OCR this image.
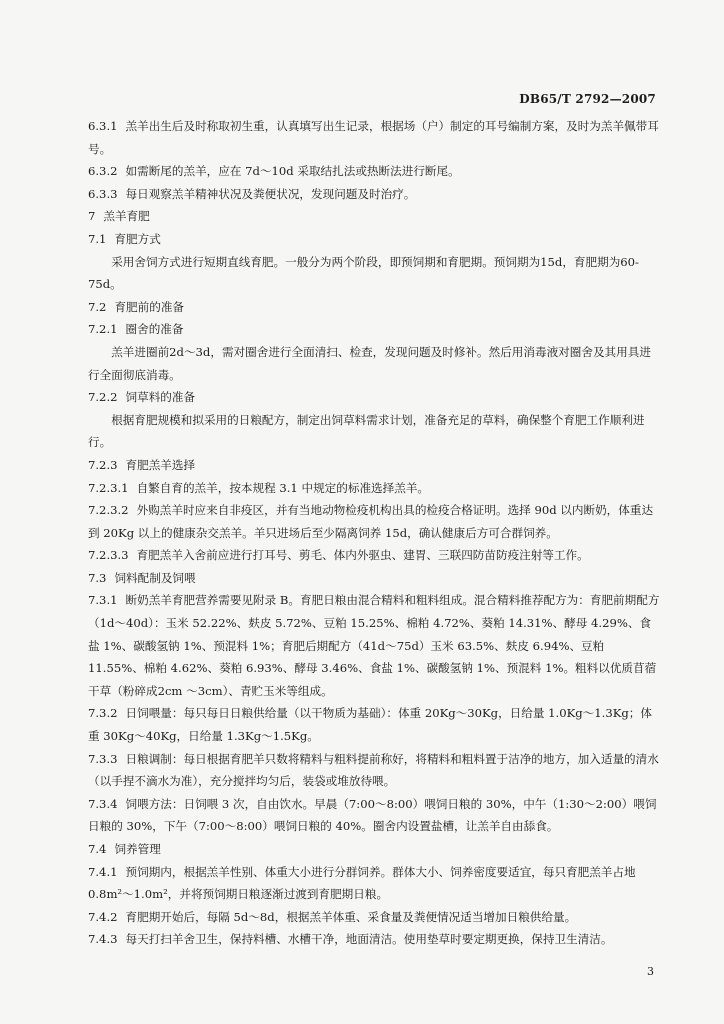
DB65/T 2792—2007

6.3.1 羔羊出生后及时称取初生重，认真填写出生记录，根据场（户）制定的耳号编制方案，及时为羔羊佩带耳号。

6.3.2 如需断尾的羔羊，应在 7d～10d 采取结扎法或热断法进行断尾。

6.3.3 每日观察羔羊精神状况及粪便状况，发现问题及时治疗。

7 羔羊育肥

7.1 育肥方式

采用舍饲方式进行短期直线育肥。一般分为两个阶段，即预饲期和育肥期。预饲期为15d，育肥期为60-75d。

7.2 育肥前的准备

7.2.1 圈舍的准备

羔羊进圈前2d～3d，需对圈舍进行全面清扫、检查，发现问题及时修补。然后用消毒液对圈舍及其用具进行全面彻底消毒。

7.2.2 饲草料的准备

根据育肥规模和拟采用的日粮配方，制定出饲草料需求计划，准备充足的草料，确保整个育肥工作顺利进行。

7.2.3 育肥羔羊选择

7.2.3.1 自繁自育的羔羊，按本规程 3.1 中规定的标准选择羔羊。

7.2.3.2 外购羔羊时应来自非疫区，并有当地动物检疫机构出具的检疫合格证明。选择 90d 以内断奶，体重达到 20Kg 以上的健康杂交羔羊。羊只进场后至少隔离饲养 15d，确认健康后方可合群饲养。

7.2.3.3 育肥羔羊入舍前应进行打耳号、剪毛、体内外驱虫、建胃、三联四防苗防疫注射等工作。

7.3 饲料配制及饲喂

7.3.1 断奶羔羊育肥营养需要见附录 B。育肥日粮由混合精料和粗料组成。混合精料推荐配方为：育肥前期配方（1d～40d）：玉米 52.22%、麸皮 5.72%、豆粕 15.25%、棉粕 4.72%、葵粕 14.31%、酵母 4.29%、食盐 1%、碳酸氢钠 1%、预混料 1%；育肥后期配方（41d～75d）玉米 63.5%、麸皮 6.94%、豆粕 11.55%、棉粕 4.62%、葵粕 6.93%、酵母 3.46%、食盐 1%、碳酸氢钠 1%、预混料 1%。粗料以优质苜蓿干草（粉碎成2cm ～3cm）、青贮玉米等组成。

7.3.2 日饲喂量：每只每日日粮供给量（以干物质为基础）：体重 20Kg～30Kg，日给量 1.0Kg～1.3Kg；体重 30Kg～40Kg，日给量 1.3Kg～1.5Kg。

7.3.3 日粮调制：每日根据育肥羊只数将精料与粗料提前称好，将精料和粗料置于洁净的地方，加入适量的清水（以手捏不滴水为准），充分搅拌均匀后，装袋或堆放待喂。

7.3.4 饲喂方法：日饲喂 3 次，自由饮水。早晨（7:00～8:00）喂饲日粮的 30%，中午（1:30～2:00）喂饲日粮的 30%，下午（7:00～8:00）喂饲日粮的 40%。圈舍内设置盐槽，让羔羊自由舔食。

7.4 饲养管理

7.4.1 预饲期内，根据羔羊性别、体重大小进行分群饲养。群体大小、饲养密度要适宜，每只育肥羔羊占地 0.8m²～1.0m²，并将预饲期日粮逐渐过渡到育肥期日粮。

7.4.2 育肥期开始后，每隔 5d～8d，根据羔羊体重、采食量及粪便情况适当增加日粮供给量。

7.4.3 每天打扫羊舍卫生，保持料槽、水槽干净，地面清洁。使用垫草时要定期更换，保持卫生清洁。

3
